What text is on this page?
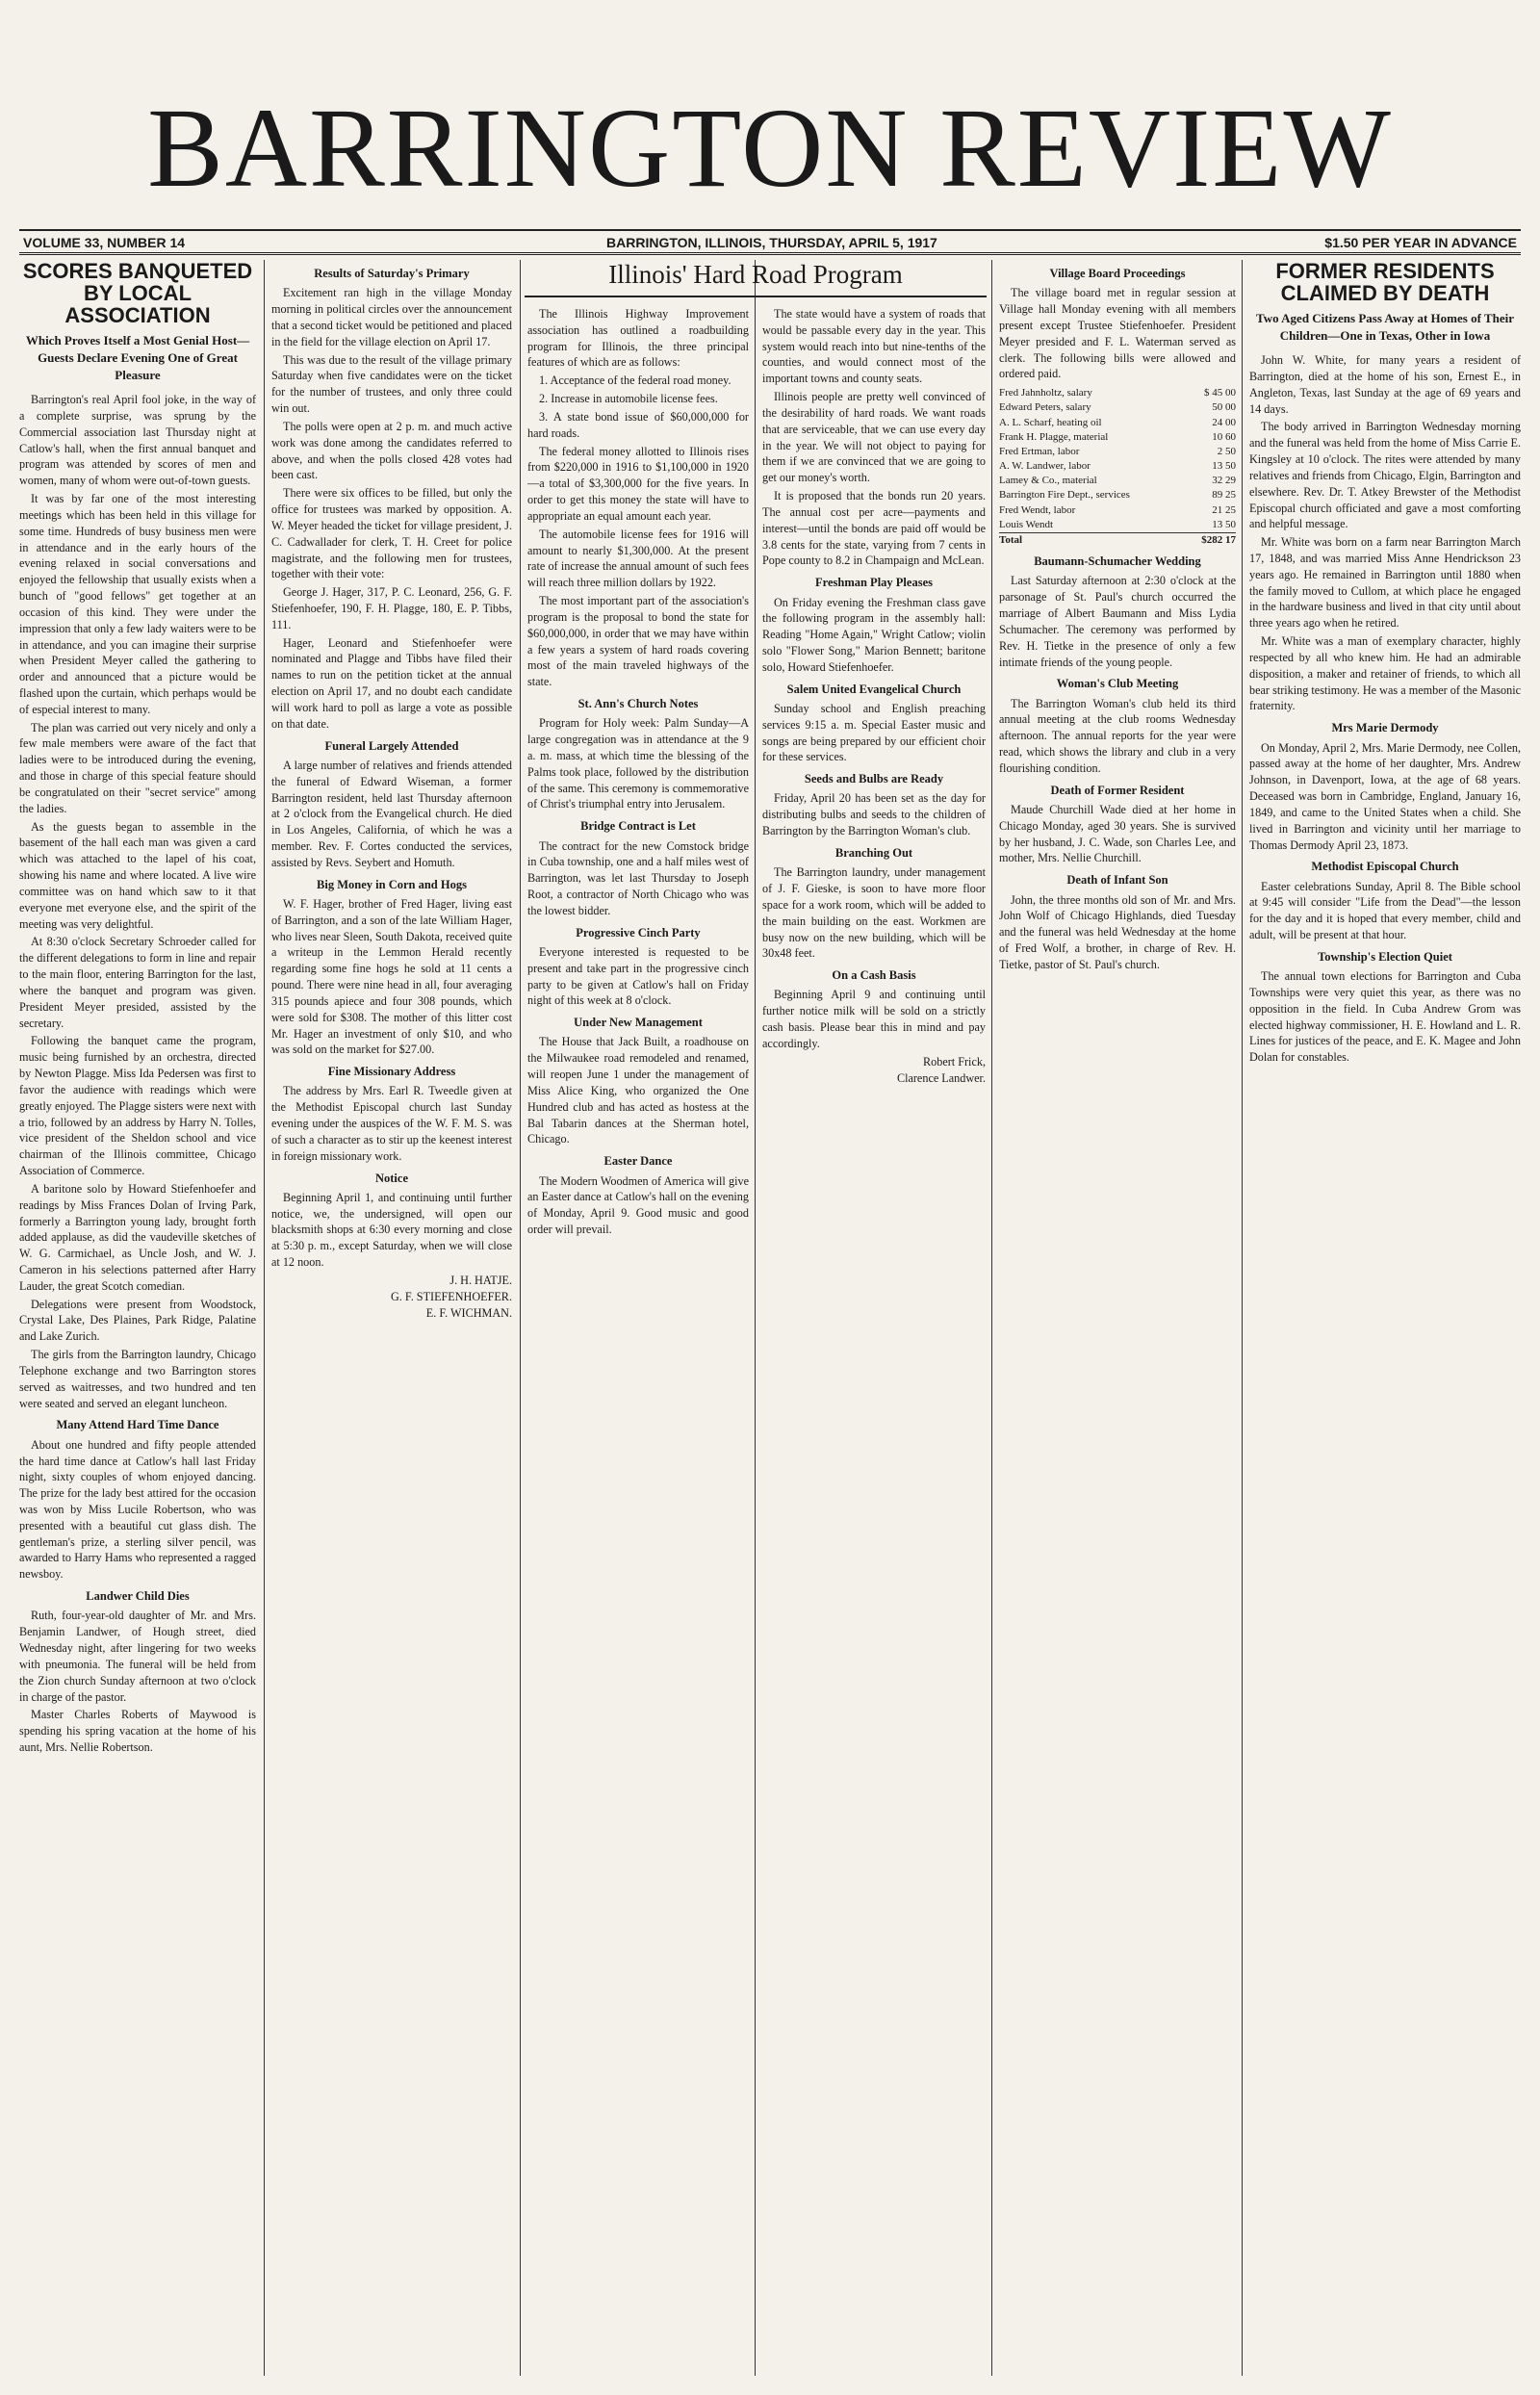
BARRINGTON REVIEW
VOLUME 33, NUMBER 14	BARRINGTON, ILLINOIS, THURSDAY, APRIL 5, 1917	$1.50 PER YEAR IN ADVANCE
SCORES BANQUETED BY LOCAL ASSOCIATION
Which Proves Itself a Most Genial Host—Guests Declare Evening One of Great Pleasure

Barrington's real April fool joke, in the way of a complete surprise, was sprung by the Commercial association last Thursday night at Catlow's hall, when the first annual banquet and program was attended by scores of men and women, many of whom were out-of-town guests.

It was by far one of the most interesting meetings which has been held in this village for some time. Hundreds of busy business men were in attendance and in the early hours of the evening relaxed in social conversations and enjoyed the fellowship that usually exists when a bunch of "good fellows" get together at an occasion of this kind. They were under the impression that only a few lady waiters were to be in attendance, and you can imagine their surprise when President Meyer called the gathering to order and announced that a picture would be flashed upon the curtain, which perhaps would be of especial interest to many.

The plan was carried out very nicely and only a few male members were aware of the fact that ladies were to be introduced during the evening, and those in charge of this special feature should be congratulated on their "secret service" among the ladies.

As the guests began to assemble in the basement of the hall each man was given a card which was attached to the lapel of his coat, showing his name and where located. A live wire committee was on hand which saw to it that everyone met everyone else, and the spirit of the meeting was very delightful.

At 8:30 o'clock Secretary Schroeder called for the different delegations to form in line and repair to the main floor, entering Barrington for the last, where the banquet and program was given. President Meyer presided, assisted by the secretary.

Following the banquet came the program, music being furnished by an orchestra, directed by Newton Plagge. Miss Ida Pedersen was first to favor the audience with readings which were greatly enjoyed. The Plagge sisters were next with a trio, followed by an address by Harry N. Tolles, vice president of the Sheldon school and vice chairman of the Illinois committee, Chicago Association of Commerce.

A baritone solo by Howard Stiefenhoefer and readings by Miss Frances Dolan of Irving Park, formerly a Barrington young lady, brought forth added applause, as did the vaudeville sketches of W. G. Carmichael, as Uncle Josh, and W. J. Cameron in his selections patterned after Harry Lauder, the great Scotch comedian.

Delegations were present from Woodstock, Crystal Lake, Des Plaines, Park Ridge, Palatine and Lake Zurich.

The girls from the Barrington laundry, Chicago Telephone exchange and two Barrington stores served as waitresses, and two hundred and ten were seated and served an elegant luncheon.

Many Attend Hard Time Dance

About one hundred and fifty people attended the hard time dance at Catlow's hall last Friday night, sixty couples of whom enjoyed dancing. The prize for the lady best attired for the occasion was won by Miss Lucile Robertson, who was presented with a beautiful cut glass dish. The gentleman's prize, a sterling silver pencil, was awarded to Harry Hams who represented a ragged newsboy.

Landwer Child Dies

Ruth, four-year-old daughter of Mr. and Mrs. Benjamin Landwer, of Hough street, died Wednesday night, after lingering for two weeks with pneumonia. The funeral will be held from the Zion church Sunday afternoon at two o'clock in charge of the pastor.

Master Charles Roberts of Maywood is spending his spring vacation at the home of his aunt, Mrs. Nellie Robertson.

Results of Saturday's Primary

Excitement ran high in the village Monday morning in political circles over the announcement that a second ticket would be petitioned and placed in the field for the village election on April 17.

This was due to the result of the village primary Saturday when five candidates were on the ticket for the number of trustees, and only three could win out.

The polls were open at 2 p. m. and much active work was done among the candidates referred to above, and when the polls closed 428 votes had been cast.

There were six offices to be filled, but only the office for trustees was marked by opposition. A. W. Meyer headed the ticket for village president, J. C. Cadwallader for clerk, T. H. Creet for police magistrate, and the following men for trustees, together with their vote:

George J. Hager, 317, P. C. Leonard, 256, G. F. Stiefenhoefer, 190, F. H. Plagge, 180, E. P. Tibbs, 111.

Hager, Leonard and Stiefenhoefer were nominated and Plagge and Tibbs have filed their names to run on the petition ticket at the annual election on April 17, and no doubt each candidate will work hard to poll as large a vote as possible on that date.

Funeral Largely Attended

A large number of relatives and friends attended the funeral of Edward Wiseman, a former Barrington resident, held last Thursday afternoon at 2 o'clock from the Evangelical church. He died in Los Angeles, California, of which he was a member. Rev. F. Cortes conducted the services, assisted by Revs. Seybert and Homuth.

Big Money in Corn and Hogs

W. F. Hager, brother of Fred Hager, living east of Barrington, and a son of the late William Hager, who lives near Sleen, South Dakota, received quite a writeup in the Lemmon Herald recently regarding some fine hogs he sold at 11 cents a pound. There were nine head in all, four averaging 315 pounds apiece and four 308 pounds, which were sold for $308. The mother of this litter cost Mr. Hager an investment of only $10, and who was sold on the market for $27.00.

Fine Missionary Address

The address by Mrs. Earl R. Tweedle given at the Methodist Episcopal church last Sunday evening under the auspices of the W. F. M. S. was of such a character as to stir up the keenest interest in foreign missionary work.

Notice

Beginning April 1, and continuing until further notice, we, the undersigned, will open our blacksmith shops at 6:30 every morning and close at 5:30 p. m., except Saturday, when we will close at 12 noon.

J. H. HATJE.
G. F. STIEFENHOEFER.
E. F. WICHMAN.
Illinois' Hard Road Program

The Illinois Highway Improvement association has outlined a roadbuilding program for Illinois, the three principal features of which are as follows:

1. Acceptance of the federal road money.

2. Increase in automobile license fees.

3. A state bond issue of $60,000,000 for hard roads.

The federal money allotted to Illinois rises from $220,000 in 1916 to $1,100,000 in 1920—a total of $3,300,000 for the five years. In order to get this money the state will have to appropriate an equal amount each year.

The automobile license fees for 1916 will amount to nearly $1,300,000. At the present rate of increase the annual amount of such fees will reach three million dollars by 1922.

The most important part of the association's program is the proposal to bond the state for $60,000,000, in order that we may have within a few years a system of hard roads covering most of the main traveled highways of the state.

St. Ann's Church Notes

Program for Holy week: Palm Sunday—A large congregation was in attendance at the 9 a. m. mass, at which time the blessing of the Palms took place, followed by the distribution of the same. This ceremony is commemorative of Christ's triumphal entry into Jerusalem.

Bridge Contract is Let

The contract for the new Comstock bridge in Cuba township, one and a half miles west of Barrington, was let last Thursday to Joseph Root, a contractor of North Chicago who was the lowest bidder.

Progressive Cinch Party

Everyone interested is requested to be present and take part in the progressive cinch party to be given at Catlow's hall on Friday night of this week at 8 o'clock.

Under New Management

The House that Jack Built, a roadhouse on the Milwaukee road remodeled and renamed, will reopen June 1 under the management of Miss Alice King, who organized the One Hundred club and has acted as hostess at the Bal Tabarin dances at the Sherman hotel, Chicago.

Easter Dance

The Modern Woodmen of America will give an Easter dance at Catlow's hall on the evening of Monday, April 9. Good music and good order will prevail.

The state would have a system of roads that would be passable every day in the year. This system would reach into but nine-tenths of the counties, and would connect most of the important towns and county seats.

Illinois people are pretty well convinced of the desirability of hard roads. We want roads that are serviceable, that we can use every day in the year. We will not object to paying for them if we are convinced that we are going to get our money's worth.

It is proposed that the bonds run 20 years. The annual cost per acre—payments and interest—until the bonds are paid off would be 3.8 cents for the state, varying from 7 cents in Pope county to 8.2 in Champaign and McLean.

Freshman Play Pleases

On Friday evening the Freshman class gave the following program in the assembly hall: Reading "Home Again," Wright Catlow; violin solo "Flower Song," Marion Bennett; baritone solo, Howard Stiefenhoefer.

Salem United Evangelical Church

Sunday school and English preaching services 9:15 a. m. Special Easter music and songs are being prepared by our efficient choir for these services.

Seeds and Bulbs are Ready

Friday, April 20 has been set as the day for distributing bulbs and seeds to the children of Barrington by the Barrington Woman's club.

Branching Out

The Barrington laundry, under management of J. F. Gieske, is soon to have more floor space for a work room, which will be added to the main building on the east. Workmen are busy now on the new building, which will be 30x48 feet.

On a Cash Basis

Beginning April 9 and continuing until further notice milk will be sold on a strictly cash basis. Please bear this in mind and pay accordingly.

Robert Frick,
Clarence Landwer.
Village Board Proceedings

The village board met in regular session at Village hall Monday evening with all members present except Trustee Stiefenhoefer. President Meyer presided and F. L. Waterman served as clerk. The following bills were allowed and ordered paid.

Fred Jahnholtz, salary	$ 45 00
Edward Peters, salary	50 00
A. L. Scharf, heating oil	24 00
Frank H. Plagge, material	10 60
Fred Ertman, labor	2 50
A. W. Landwer, labor	13 50
Lamey & Co., material	32 29
Barrington Fire Dept., services	89 25
Fred Wendt, labor	21 25
Louis Wendt	13 50
Total	$282 17
Baumann-Schumacher Wedding

Last Saturday afternoon at 2:30 o'clock at the parsonage of St. Paul's church occurred the marriage of Albert Baumann and Miss Lydia Schumacher. The ceremony was performed by Rev. H. Tietke in the presence of only a few intimate friends of the young people.

Woman's Club Meeting

The Barrington Woman's club held its third annual meeting at the club rooms Wednesday afternoon. The annual reports for the year were read, which shows the library and club in a very flourishing condition.

Death of Former Resident

Maude Churchill Wade died at her home in Chicago Monday, aged 30 years. She is survived by her husband, J. C. Wade, son Charles Lee, and mother, Mrs. Nellie Churchill.

Death of Infant Son

John, the three months old son of Mr. and Mrs. John Wolf of Chicago Highlands, died Tuesday and the funeral was held Wednesday at the home of Fred Wolf, a brother, in charge of Rev. H. Tietke, pastor of St. Paul's church.

FORMER RESIDENTS CLAIMED BY DEATH
Two Aged Citizens Pass Away at Homes of Their Children—One in Texas, Other in Iowa

John W. White, for many years a resident of Barrington, died at the home of his son, Ernest E., in Angleton, Texas, last Sunday at the age of 69 years and 14 days.

The body arrived in Barrington Wednesday morning and the funeral was held from the home of Miss Carrie E. Kingsley at 10 o'clock. The rites were attended by many relatives and friends from Chicago, Elgin, Barrington and elsewhere. Rev. Dr. T. Atkey Brewster of the Methodist Episcopal church officiated and gave a most comforting and helpful message.

Mr. White was born on a farm near Barrington March 17, 1848, and was married Miss Anne Hendrickson 23 years ago. He remained in Barrington until 1880 when the family moved to Cullom, at which place he engaged in the hardware business and lived in that city until about three years ago when he retired.

Mr. White was a man of exemplary character, highly respected by all who knew him. He had an admirable disposition, a maker and retainer of friends, to which all bear striking testimony. He was a member of the Masonic fraternity.

Mrs Marie Dermody

On Monday, April 2, Mrs. Marie Dermody, nee Collen, passed away at the home of her daughter, Mrs. Andrew Johnson, in Davenport, Iowa, at the age of 68 years. Deceased was born in Cambridge, England, January 16, 1849, and came to the United States when a child. She lived in Barrington and vicinity until her marriage to Thomas Dermody April 23, 1873.

Methodist Episcopal Church

Easter celebrations Sunday, April 8. The Bible school at 9:45 will consider "Life from the Dead"—the lesson for the day and it is hoped that every member, child and adult, will be present at that hour.

Township's Election Quiet

The annual town elections for Barrington and Cuba Townships were very quiet this year, as there was no opposition in the field. In Cuba Andrew Grom was elected highway commissioner, H. E. Howland and L. R. Lines for justices of the peace, and E. K. Magee and John Dolan for constables.
